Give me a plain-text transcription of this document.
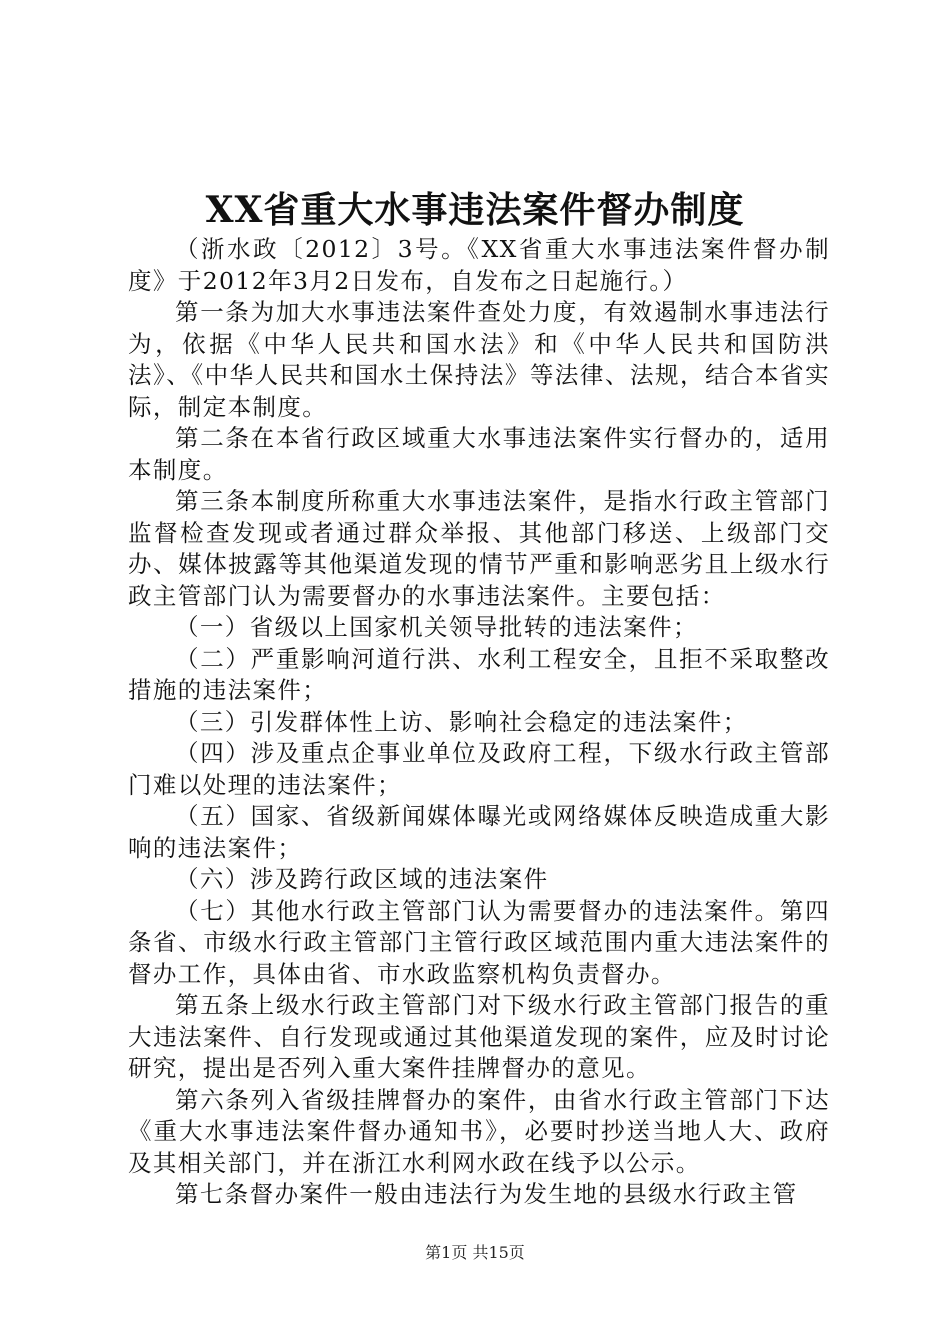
XX省重大水事违法案件督办制度

（浙水政〔2012〕3号。《XX省重大水事违法案件督办制度》于2012年3月2日发布，自发布之日起施行。）

第一条为加大水事违法案件查处力度，有效遏制水事违法行为，依据《中华人民共和国水法》和《中华人民共和国防洪法》、《中华人民共和国水土保持法》等法律、法规，结合本省实际，制定本制度。

第二条在本省行政区域重大水事违法案件实行督办的，适用本制度。

第三条本制度所称重大水事违法案件，是指水行政主管部门监督检查发现或者通过群众举报、其他部门移送、上级部门交办、媒体披露等其他渠道发现的情节严重和影响恶劣且上级水行政主管部门认为需要督办的水事违法案件。主要包括：

（一）省级以上国家机关领导批转的违法案件；

（二）严重影响河道行洪、水利工程安全，且拒不采取整改措施的违法案件；

（三）引发群体性上访、影响社会稳定的违法案件；

（四）涉及重点企事业单位及政府工程，下级水行政主管部门难以处理的违法案件；

（五）国家、省级新闻媒体曝光或网络媒体反映造成重大影响的违法案件；

（六）涉及跨行政区域的违法案件

（七）其他水行政主管部门认为需要督办的违法案件。第四条省、市级水行政主管部门主管行政区域范围内重大违法案件的督办工作，具体由省、市水政监察机构负责督办。

第五条上级水行政主管部门对下级水行政主管部门报告的重大违法案件、自行发现或通过其他渠道发现的案件，应及时讨论研究，提出是否列入重大案件挂牌督办的意见。

第六条列入省级挂牌督办的案件，由省水行政主管部门下达《重大水事违法案件督办通知书》，必要时抄送当地人大、政府及其相关部门，并在浙江水利网水政在线予以公示。

第七条督办案件一般由违法行为发生地的县级水行政主管

第1页 共15页
